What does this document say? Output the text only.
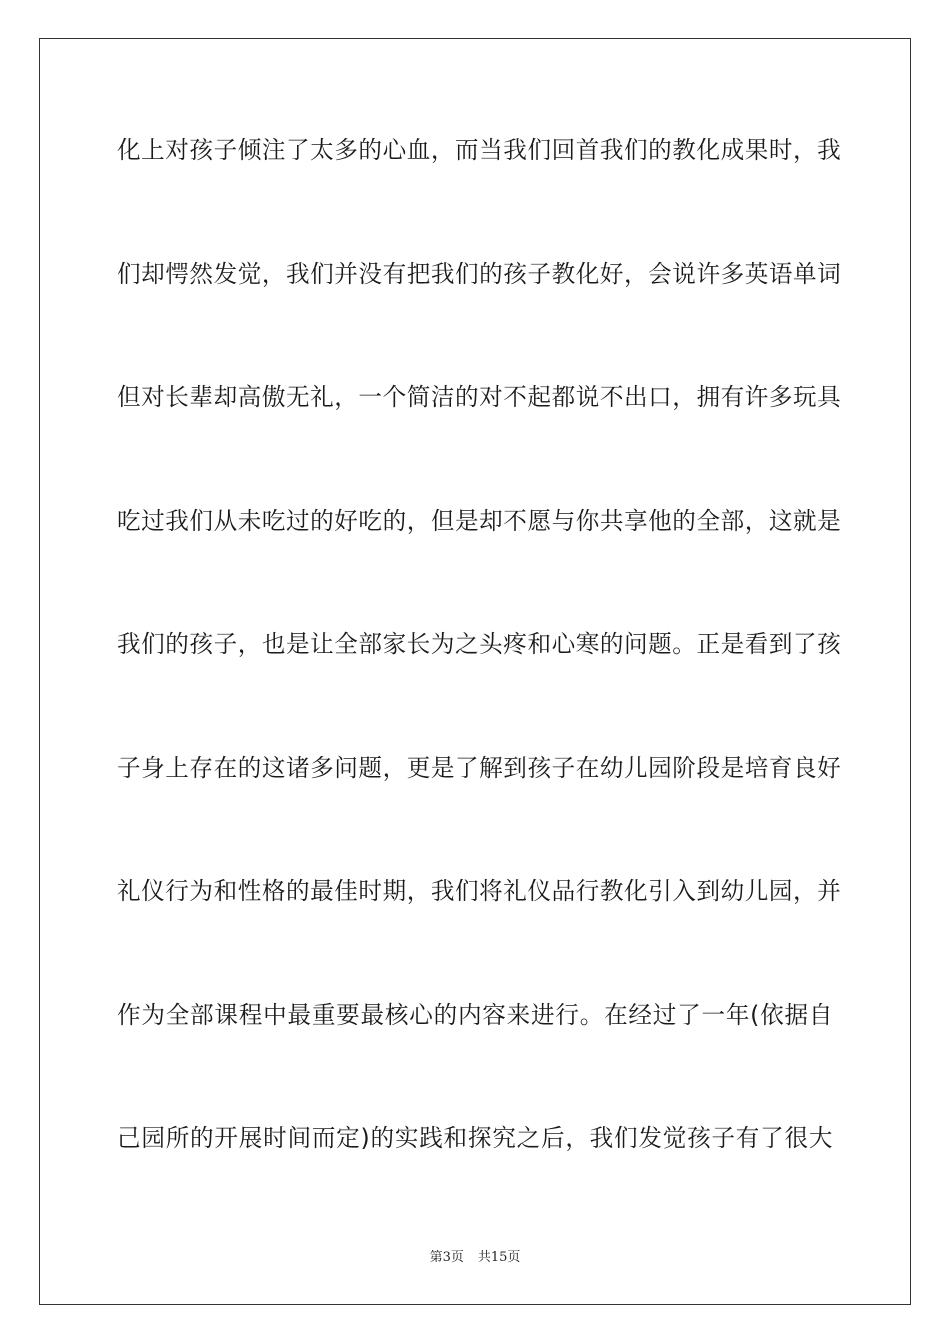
化上对孩子倾注了太多的心血，而当我们回首我们的教化成果时，我
们却愕然发觉，我们并没有把我们的孩子教化好，会说许多英语单词
但对长辈却高傲无礼，一个简洁的对不起都说不出口，拥有许多玩具
吃过我们从未吃过的好吃的，但是却不愿与你共享他的全部，这就是
我们的孩子，也是让全部家长为之头疼和心寒的问题。正是看到了孩
子身上存在的这诸多问题，更是了解到孩子在幼儿园阶段是培育良好
礼仪行为和性格的最佳时期，我们将礼仪品行教化引入到幼儿园，并
作为全部课程中最重要最核心的内容来进行。在经过了一年(依据自
己园所的开展时间而定)的实践和探究之后，我们发觉孩子有了很大
第3页 共15页
